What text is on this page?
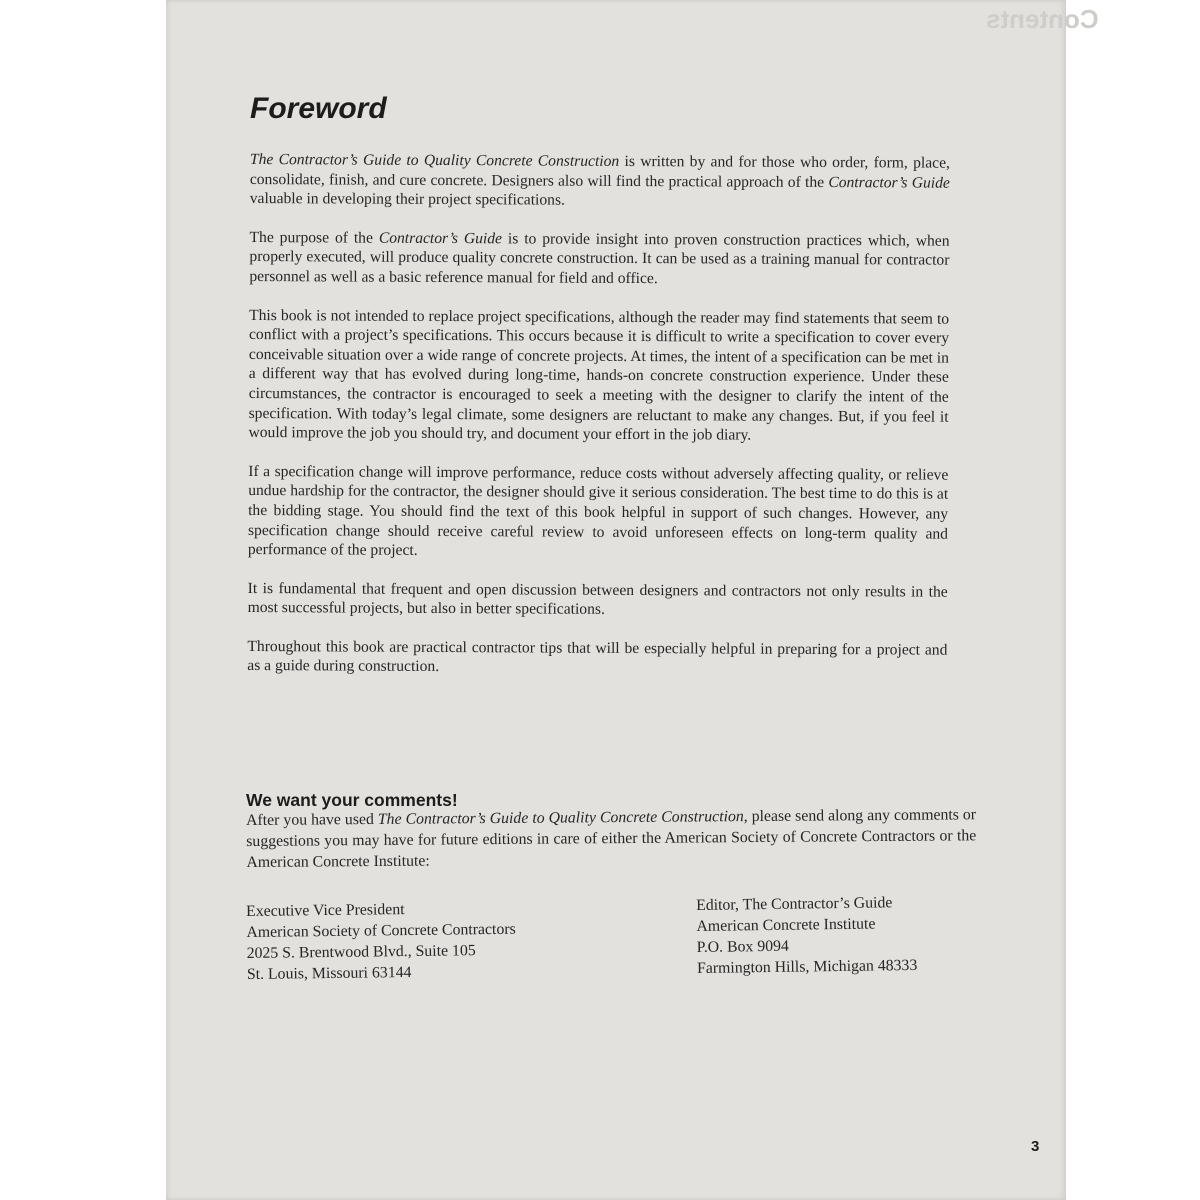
Contents
Foreword

The Contractor’s Guide to Quality Concrete Construction is written by and for those who order, form, place, consolidate, finish, and cure concrete. Designers also will find the practical approach of the Contractor’s Guide valuable in developing their project specifications.

The purpose of the Contractor’s Guide is to provide insight into proven construction practices which, when properly executed, will produce quality concrete construction. It can be used as a training manual for contractor personnel as well as a basic reference manual for field and office.

This book is not intended to replace project specifications, although the reader may find statements that seem to conflict with a project’s specifications. This occurs because it is difficult to write a specification to cover every conceivable situation over a wide range of concrete projects. At times, the intent of a specification can be met in a different way that has evolved during long-time, hands-on concrete construction experience. Under these circumstances, the contractor is encouraged to seek a meeting with the designer to clarify the intent of the specification. With today’s legal climate, some designers are reluctant to make any changes. But, if you feel it would improve the job you should try, and document your effort in the job diary.

If a specification change will improve performance, reduce costs without adversely affecting quality, or relieve undue hardship for the contractor, the designer should give it serious consideration. The best time to do this is at the bidding stage. You should find the text of this book helpful in support of such changes. However, any specification change should receive careful review to avoid unforeseen effects on long-term quality and performance of the project.

It is fundamental that frequent and open discussion between designers and contractors not only results in the most successful projects, but also in better specifications.

Throughout this book are practical contractor tips that will be especially helpful in preparing for a project and as a guide during construction.

We want your comments!
After you have used The Contractor’s Guide to Quality Concrete Construction, please send along any comments or suggestions you may have for future editions in care of either the American Society of Concrete Contractors or the American Concrete Institute:
Executive Vice President
American Society of Concrete Contractors
2025 S. Brentwood Blvd., Suite 105
St. Louis, Missouri 63144
Editor, The Contractor’s Guide
American Concrete Institute
P.O. Box 9094
Farmington Hills, Michigan 48333
3
